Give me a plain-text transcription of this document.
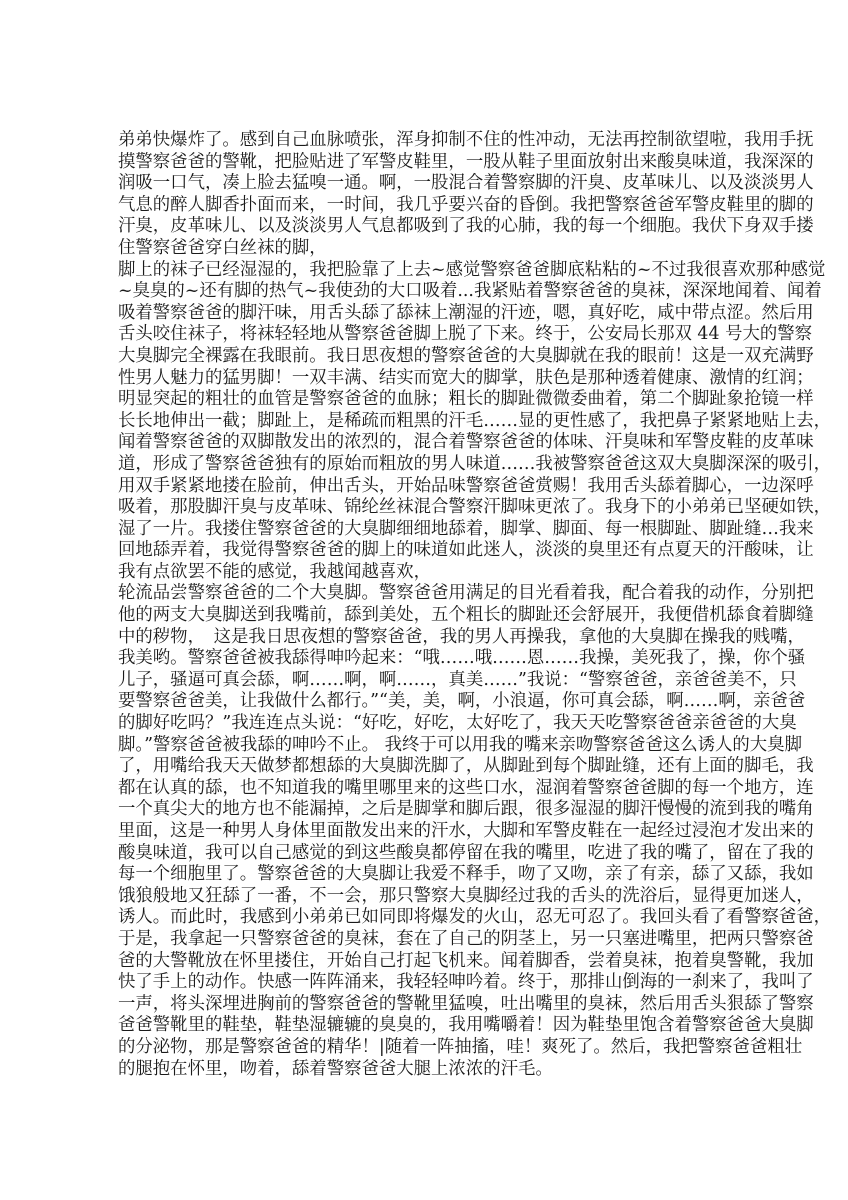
弟弟快爆炸了。感到自己血脉喷张，浑身抑制不住的性冲动，无法再控制欲望啦，我用手抚
摸警察爸爸的警靴，把脸贴进了军警皮鞋里，一股从鞋子里面放射出来酸臭味道，我深深的
润吸一口气，凑上脸去猛嗅一通。啊，一股混合着警察脚的汗臭、皮革味儿、以及淡淡男人
气息的醉人脚香扑面而来，一时间，我几乎要兴奋的昏倒。我把警察爸爸军警皮鞋里的脚的
汗臭，皮革味儿、以及淡淡男人气息都吸到了我的心肺，我的每一个细胞。我伏下身双手搂
住警察爸爸穿白丝袜的脚，
脚上的袜子已经湿湿的，我把脸靠了上去~感觉警察爸爸脚底粘粘的~不过我很喜欢那种感觉
~臭臭的~还有脚的热气~我使劲的大口吸着...我紧贴着警察爸爸的臭袜，深深地闻着、闻着
吸着警察爸爸的脚汗味，用舌头舔了舔袜上潮湿的汗迹，嗯，真好吃，咸中带点涩。然后用
舌头咬住袜子，将袜轻轻地从警察爸爸脚上脱了下来。终于，公安局长那双 44 号大的警察
大臭脚完全裸露在我眼前。我日思夜想的警察爸爸的大臭脚就在我的眼前！这是一双充满野
性男人魅力的猛男脚！一双丰满、结实而宽大的脚掌，肤色是那种透着健康、激情的红润；
明显突起的粗壮的血管是警察爸爸的血脉；粗长的脚趾微微委曲着，第二个脚趾象抢镜一样
长长地伸出一截；脚趾上，是稀疏而粗黑的汗毛……显的更性感了，我把鼻子紧紧地贴上去，
闻着警察爸爸的双脚散发出的浓烈的，混合着警察爸爸的体味、汗臭味和军警皮鞋的皮革味
道，形成了警察爸爸独有的原始而粗放的男人味道……我被警察爸爸这双大臭脚深深的吸引，
用双手紧紧地搂在脸前，伸出舌头，开始品味警察爸爸赏赐！我用舌头舔着脚心，一边深呼
吸着，那股脚汗臭与皮革味、锦纶丝袜混合警察汗脚味更浓了。我身下的小弟弟已坚硬如铁，
湿了一片。我搂住警察爸爸的大臭脚细细地舔着，脚掌、脚面、每一根脚趾、脚趾缝…我来
回地舔弄着，我觉得警察爸爸的脚上的味道如此迷人，淡淡的臭里还有点夏天的汗酸味，让
我有点欲罢不能的感觉，我越闻越喜欢，
轮流品尝警察爸爸的二个大臭脚。警察爸爸用满足的目光看着我，配合着我的动作，分别把
他的两支大臭脚送到我嘴前，舔到美处，五个粗长的脚趾还会舒展开，我便借机舔食着脚缝
中的秽物，　这是我日思夜想的警察爸爸，我的男人再操我，拿他的大臭脚在操我的贱嘴，
我美哟。警察爸爸被我舔得呻吟起来：“哦……哦……恩……我操，美死我了，操，你个骚
儿子，骚逼可真会舔，啊……啊，啊……，真美……”我说：“警察爸爸，亲爸爸美不，只
要警察爸爸美，让我做什么都行。”“美，美，啊，小浪逼，你可真会舔，啊……啊，亲爸爸
的脚好吃吗？”我连连点头说：“好吃，好吃，太好吃了，我天天吃警察爸爸亲爸爸的大臭
脚。”警察爸爸被我舔的呻吟不止。 我终于可以用我的嘴来亲吻警察爸爸这么诱人的大臭脚
了，用嘴给我天天做梦都想舔的大臭脚洗脚了，从脚趾到每个脚趾缝，还有上面的脚毛，我
都在认真的舔，也不知道我的嘴里哪里来的这些口水，湿润着警察爸爸脚的每一个地方，连
一个真尖大的地方也不能漏掉，之后是脚掌和脚后跟，很多湿湿的脚汗慢慢的流到我的嘴角
里面，这是一种男人身体里面散发出来的汗水，大脚和军警皮鞋在一起经过浸泡才发出来的
酸臭味道，我可以自己感觉的到这些酸臭都停留在我的嘴里，吃进了我的嘴了，留在了我的
每一个细胞里了。警察爸爸的大臭脚让我爱不释手，吻了又吻，亲了有亲，舔了又舔，我如
饿狼般地又狂舔了一番，不一会，那只警察大臭脚经过我的舌头的洗浴后，显得更加迷人，
诱人。而此时，我感到小弟弟已如同即将爆发的火山，忍无可忍了。我回头看了看警察爸爸，
于是，我拿起一只警察爸爸的臭袜，套在了自己的阴茎上，另一只塞进嘴里，把两只警察爸
爸的大警靴放在怀里搂住，开始自己打起飞机来。闻着脚香，尝着臭袜，抱着臭警靴，我加
快了手上的动作。快感一阵阵涌来，我轻轻呻吟着。终于，那排山倒海的一刹来了，我叫了
一声，将头深埋进胸前的警察爸爸的警靴里猛嗅，吐出嘴里的臭袜，然后用舌头狠舔了警察
爸爸警靴里的鞋垫，鞋垫湿辘辘的臭臭的，我用嘴嚼着！因为鞋垫里饱含着警察爸爸大臭脚
的分泌物，那是警察爸爸的精华！|随着一阵抽搐，哇！爽死了。然后，我把警察爸爸粗壮
的腿抱在怀里，吻着，舔着警察爸爸大腿上浓浓的汗毛。
